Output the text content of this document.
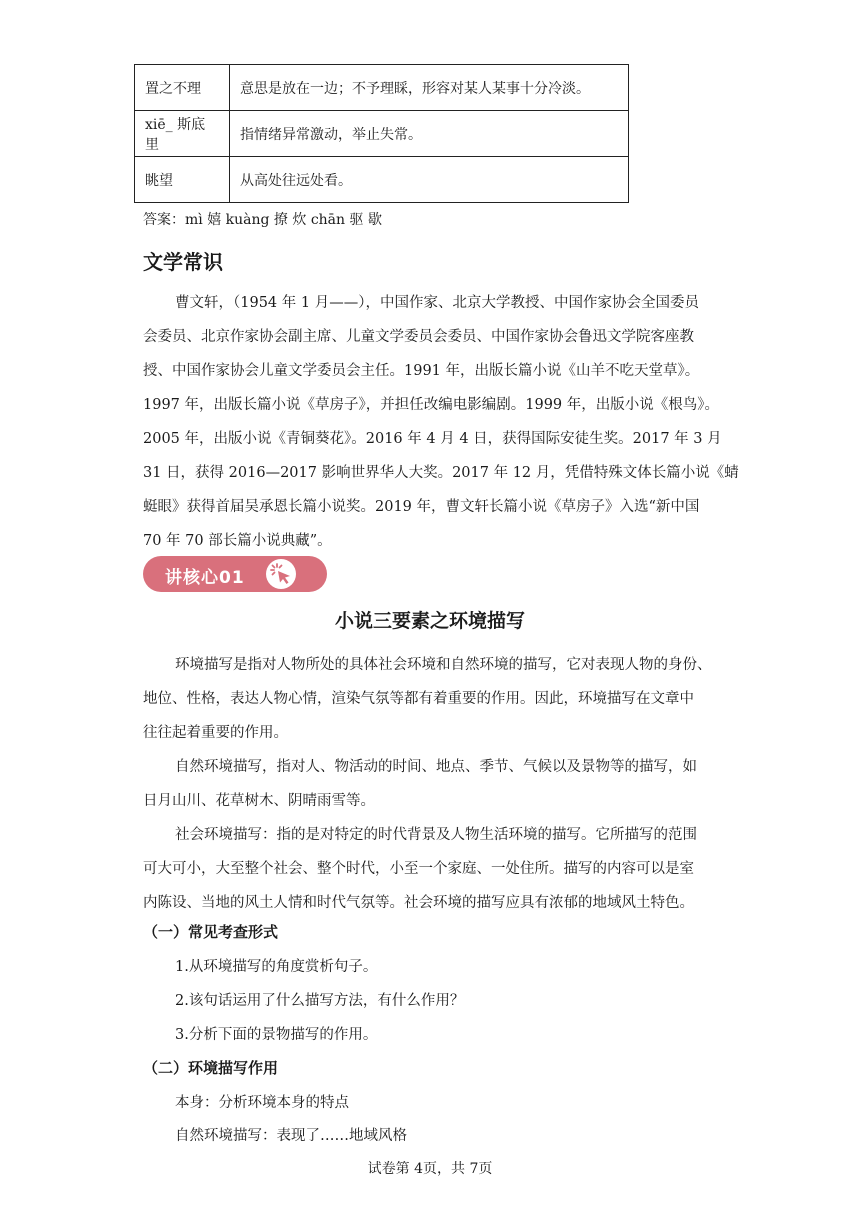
置之不理	意思是放在一边；不予理睬，形容对某人某事十分冷淡。
xiē_ 斯底里	指情绪异常激动，举止失常。
眺望	从高处往远处看。
答案：mì 嬉 kuàng 撩 炊 chān 驱 歇
文学常识
曹文轩，（1954 年 1 月——），中国作家、北京大学教授、中国作家协会全国委员
会委员、北京作家协会副主席、儿童文学委员会委员、中国作家协会鲁迅文学院客座教
授、中国作家协会儿童文学委员会主任。1991 年，出版长篇小说《山羊不吃天堂草》。
1997 年，出版长篇小说《草房子》，并担任改编电影编剧。1999 年，出版小说《根鸟》。
2005 年，出版小说《青铜葵花》。2016 年 4 月 4 日，获得国际安徒生奖。2017 年 3 月
31 日，获得 2016—2017 影响世界华人大奖。2017 年 12 月，凭借特殊文体长篇小说《蜻
蜓眼》获得首届吴承恩长篇小说奖。2019 年，曹文轩长篇小说《草房子》入选“新中国
70 年 70 部长篇小说典藏”。
讲核心01
小说三要素之环境描写
环境描写是指对人物所处的具体社会环境和自然环境的描写，它对表现人物的身份、
地位、性格，表达人物心情，渲染气氛等都有着重要的作用。因此，环境描写在文章中
往往起着重要的作用。
自然环境描写，指对人、物活动的时间、地点、季节、气候以及景物等的描写，如
日月山川、花草树木、阴晴雨雪等。
社会环境描写：指的是对特定的时代背景及人物生活环境的描写。它所描写的范围
可大可小，大至整个社会、整个时代，小至一个家庭、一处住所。描写的内容可以是室
内陈设、当地的风土人情和时代气氛等。社会环境的描写应具有浓郁的地域风土特色。
（一）常见考查形式
1.从环境描写的角度赏析句子。
2.该句话运用了什么描写方法，有什么作用？
3.分析下面的景物描写的作用。
（二）环境描写作用
本身：分析环境本身的特点
自然环境描写：表现了……地域风格
试卷第 4页，共 7页
